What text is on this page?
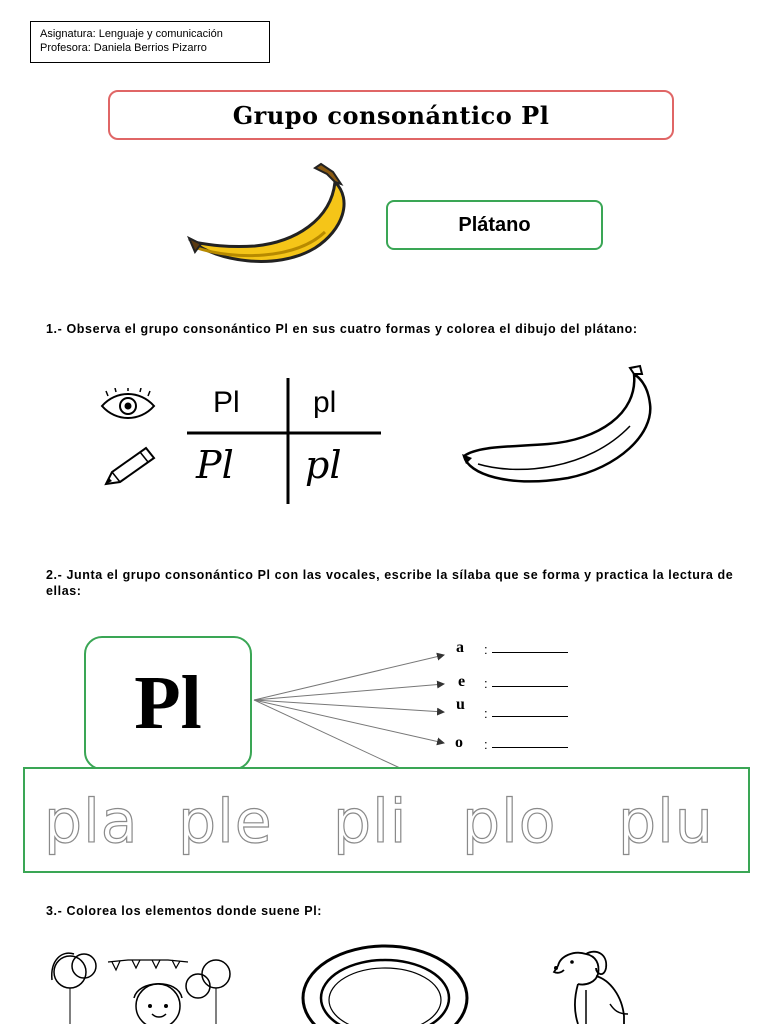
Asignatura: Lenguaje y comunicación
Profesora: Daniela Berrios Pizarro
Grupo consonántico Pl
Plátano
1.- Observa el grupo consonántico Pl en sus cuatro formas y colorea el dibujo del plátano:
Pl pl
Pl pl
2.- Junta el grupo consonántico Pl con las vocales, escribe la sílaba que se forma y practica la lectura de ellas:
Pl
a :
e :
u
:
o :
pla ple pli plo plu
3.- Colorea los elementos donde suene Pl:
